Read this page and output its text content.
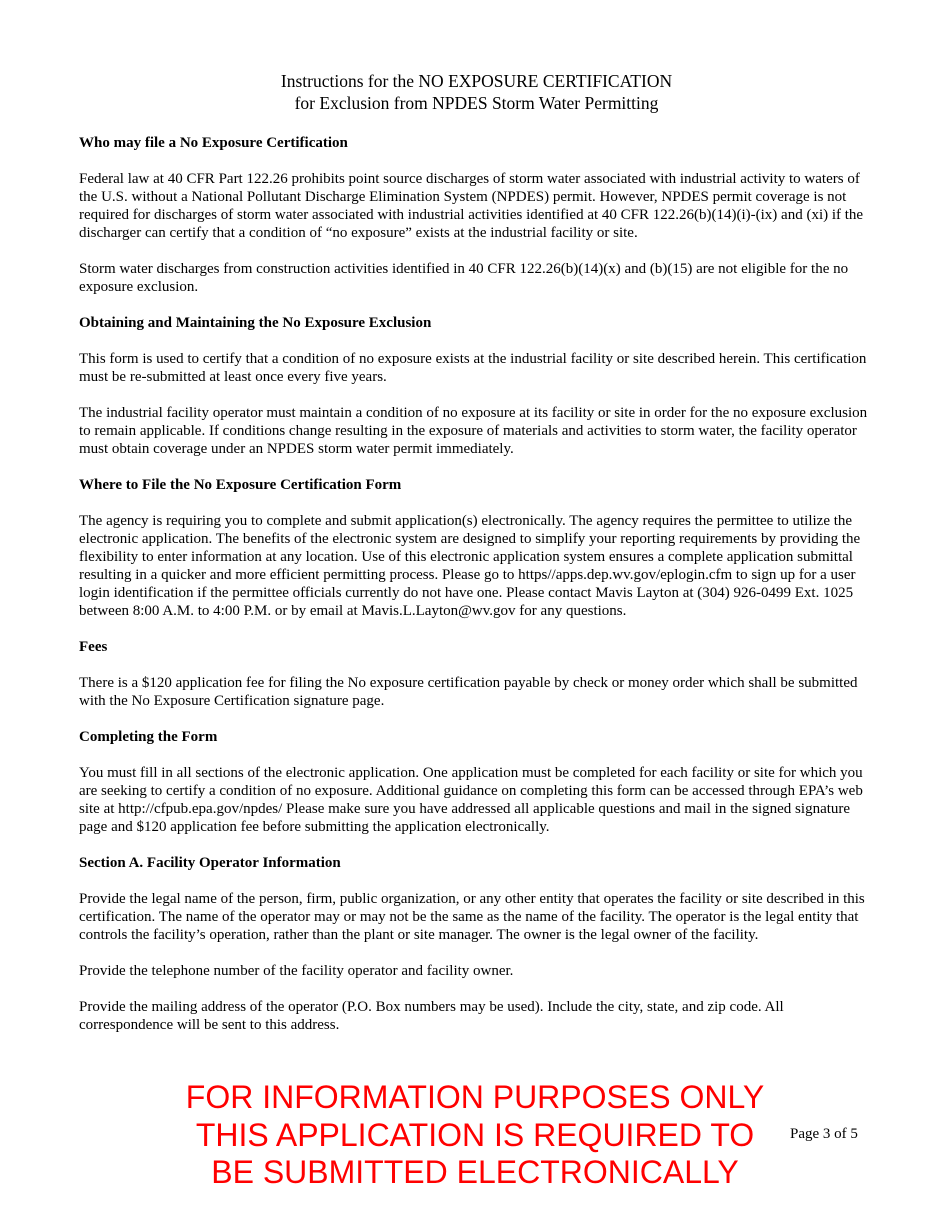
Instructions for the NO EXPOSURE CERTIFICATION
for Exclusion from NPDES Storm Water Permitting
Who may file a No Exposure Certification
Federal law at 40 CFR Part 122.26 prohibits point source discharges of storm water associated with industrial activity to waters of the U.S. without a National Pollutant Discharge Elimination System (NPDES) permit. However, NPDES permit coverage is not required for discharges of storm water associated with industrial activities identified at 40 CFR 122.26(b)(14)(i)-(ix) and (xi) if the discharger can certify that a condition of “no exposure” exists at the industrial facility or site.
Storm water discharges from construction activities identified in 40 CFR 122.26(b)(14)(x) and (b)(15) are not eligible for the no exposure exclusion.
Obtaining and Maintaining the No Exposure Exclusion
This form is used to certify that a condition of no exposure exists at the industrial facility or site described herein. This certification must be re-submitted at least once every five years.
The industrial facility operator must maintain a condition of no exposure at its facility or site in order for the no exposure exclusion to remain applicable. If conditions change resulting in the exposure of materials and activities to storm water, the facility operator must obtain coverage under an NPDES storm water permit immediately.
Where to File the No Exposure Certification Form
The agency is requiring you to complete and submit application(s) electronically. The agency requires the permittee to utilize the electronic application. The benefits of the electronic system are designed to simplify your reporting requirements by providing the flexibility to enter information at any location. Use of this electronic application system ensures a complete application submittal resulting in a quicker and more efficient permitting process. Please go to https//apps.dep.wv.gov/eplogin.cfm to sign up for a user login identification if the permittee officials currently do not have one. Please contact Mavis Layton at (304) 926-0499 Ext. 1025 between 8:00 A.M. to 4:00 P.M. or by email at Mavis.L.Layton@wv.gov for any questions.
Fees
There is a $120 application fee for filing the No exposure certification payable by check or money order which shall be submitted with the No Exposure Certification signature page.
Completing the Form
You must fill in all sections of the electronic application. One application must be completed for each facility or site for which you are seeking to certify a condition of no exposure. Additional guidance on completing this form can be accessed through EPA’s web site at http://cfpub.epa.gov/npdes/ Please make sure you have addressed all applicable questions and mail in the signed signature page and $120 application fee before submitting the application electronically.
Section A. Facility Operator Information
Provide the legal name of the person, firm, public organization, or any other entity that operates the facility or site described in this certification. The name of the operator may or may not be the same as the name of the facility. The operator is the legal entity that controls the facility’s operation, rather than the plant or site manager. The owner is the legal owner of the facility.
Provide the telephone number of the facility operator and facility owner.
Provide the mailing address of the operator (P.O. Box numbers may be used). Include the city, state, and zip code. All correspondence will be sent to this address.
FOR INFORMATION PURPOSES ONLY
THIS APPLICATION IS REQUIRED TO
BE SUBMITTED ELECTRONICALLY
Page 3 of 5
